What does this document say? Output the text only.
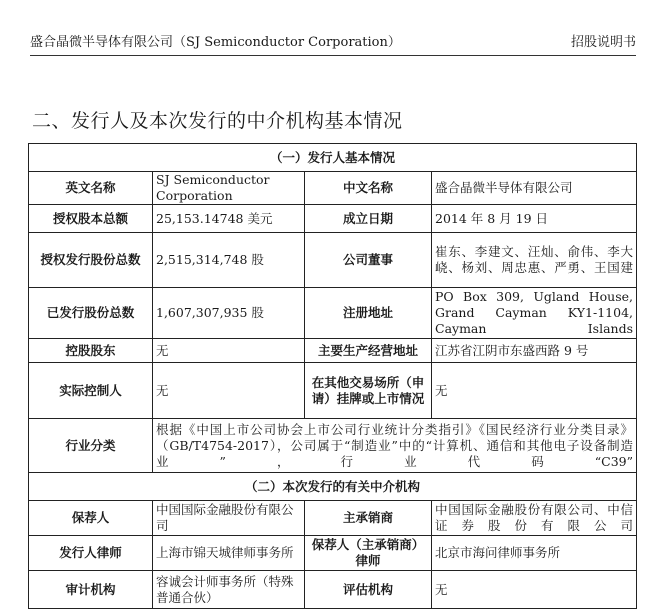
盛合晶微半导体有限公司（SJ Semiconductor Corporation）	招股说明书
二、发行人及本次发行的中介机构基本情况
（一）发行人基本情况			
英文名称	SJ Semiconductor Corporation	中文名称	盛合晶微半导体有限公司
授权股本总额	25,153.14748 美元	成立日期	2014 年 8 月 19 日
授权发行股份总数	2,515,314,748 股	公司董事	崔东、李建文、汪灿、俞伟、李大峣、杨刘、周忠惠、严勇、王国建
已发行股份总数	1,607,307,935 股	注册地址	PO Box 309, Ugland House, Grand Cayman KY1-1104, Cayman Islands
控股股东	无	主要生产经营地址	江苏省江阴市东盛西路 9 号
实际控制人	无	在其他交易场所（申请）挂牌或上市情况	无
行业分类	根据《中国上市公司协会上市公司行业统计分类指引》《国民经济行业分类目录》（GB/T4754-2017），公司属于“制造业”中的“计算机、通信和其他电子设备制造业”，行业代码“C39”		
（二）本次发行的有关中介机构			
保荐人	中国国际金融股份有限公司	主承销商	中国国际金融股份有限公司、中信证券股份有限公司
发行人律师	上海市锦天城律师事务所	保荐人（主承销商）律师	北京市海问律师事务所
审计机构	容诚会计师事务所（特殊普通合伙）	评估机构	无
